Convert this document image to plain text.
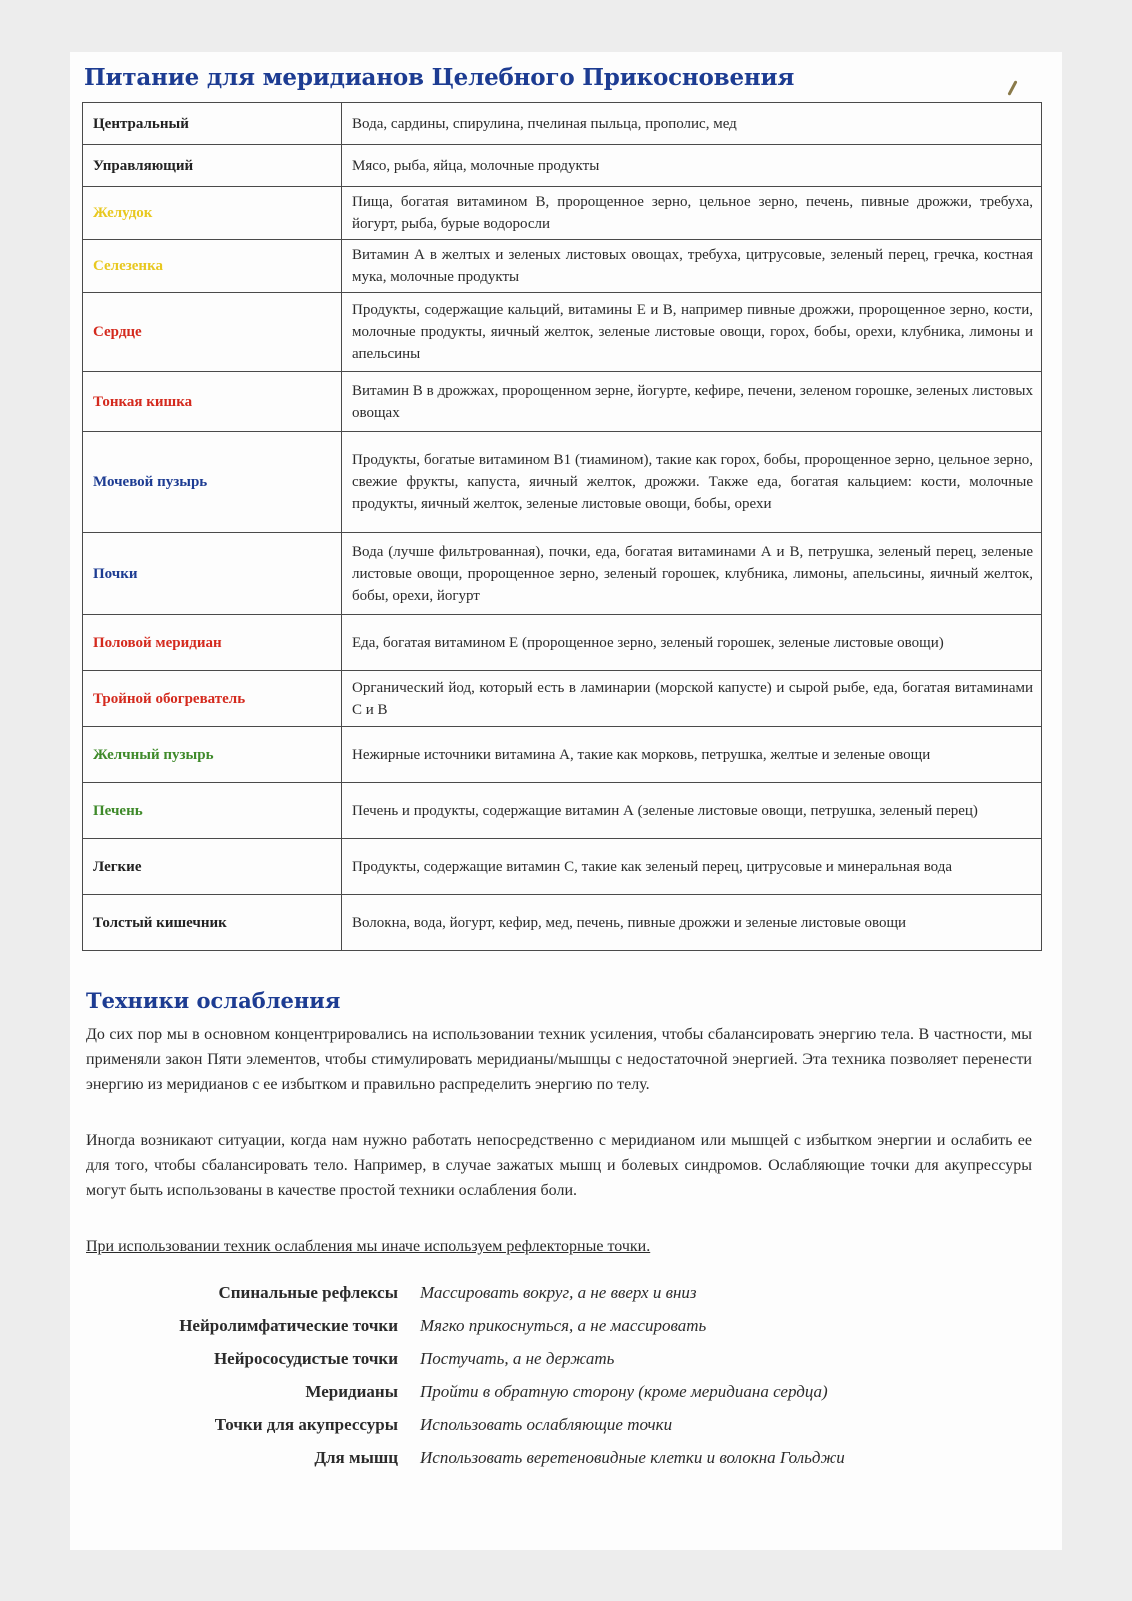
Питание для меридианов Целебного Прикосновения
Центральный	Вода, сардины, спирулина, пчелиная пыльца, прополис, мед
Управляющий	Мясо, рыба, яйца, молочные продукты
Желудок	Пища, богатая витамином В, пророщенное зерно, цельное зерно, печень, пивные дрожжи, требуха, йогурт, рыба, бурые водоросли
Селезенка	Витамин А в желтых и зеленых листовых овощах, требуха, цитрусовые, зеленый перец, гречка, костная мука, молочные продукты
Сердце	Продукты, содержащие кальций, витамины Е и В, например пивные дрожжи, пророщенное зерно, кости, молочные продукты, яичный желток, зеленые листовые овощи, горох, бобы, орехи, клубника, лимоны и апельсины
Тонкая кишка	Витамин В в дрожжах, пророщенном зерне, йогурте, кефире, печени, зеленом горошке, зеленых листовых овощах
Мочевой пузырь	Продукты, богатые витамином В1 (тиамином), такие как горох, бобы, пророщенное зерно, цельное зерно, свежие фрукты, капуста, яичный желток, дрожжи. Также еда, богатая кальцием: кости, молочные продукты, яичный желток, зеленые листовые овощи, бобы, орехи
Почки	Вода (лучше фильтрованная), почки, еда, богатая витаминами А и В, петрушка, зеленый перец, зеленые листовые овощи, пророщенное зерно, зеленый горошек, клубника, лимоны, апельсины, яичный желток, бобы, орехи, йогурт
Половой меридиан	Еда, богатая витамином Е (пророщенное зерно, зеленый горошек, зеленые листовые овощи)
Тройной обогреватель	Органический йод, который есть в ламинарии (морской капусте) и сырой рыбе, еда, богатая витаминами С и В
Желчный пузырь	Нежирные источники витамина А, такие как морковь, петрушка, желтые и зеленые овощи
Печень	Печень и продукты, содержащие витамин А (зеленые листовые овощи, петрушка, зеленый перец)
Легкие	Продукты, содержащие витамин С, такие как зеленый перец, цитрусовые и минеральная вода
Толстый кишечник	Волокна, вода, йогурт, кефир, мед, печень, пивные дрожжи и зеленые листовые овощи
Техники ослабления

До сих пор мы в основном концентрировались на использовании техник усиления, чтобы сбалансировать энергию тела. В частности, мы применяли закон Пяти элементов, чтобы стимулировать меридианы/мышцы с недостаточной энергией. Эта техника позволяет перенести энергию из меридианов с ее избытком и правильно распределить энергию по телу.

Иногда возникают ситуации, когда нам нужно работать непосредственно с меридианом или мышцей с избытком энергии и ослабить ее для того, чтобы сбалансировать тело. Например, в случае зажатых мышц и болевых синдромов. Ослабляющие точки для акупрессуры могут быть использованы в качестве простой техники ослабления боли.

При использовании техник ослабления мы иначе используем рефлекторные точки.
Спинальные рефлексы	Массировать вокруг, а не вверх и вниз
Нейролимфатические точки	Мягко прикоснуться, а не массировать
Нейрососудистые точки	Постучать, а не держать
Меридианы	Пройти в обратную сторону (кроме меридиана сердца)
Точки для акупрессуры	Использовать ослабляющие точки
Для мышц	Использовать веретеновидные клетки и волокна Гольджи
